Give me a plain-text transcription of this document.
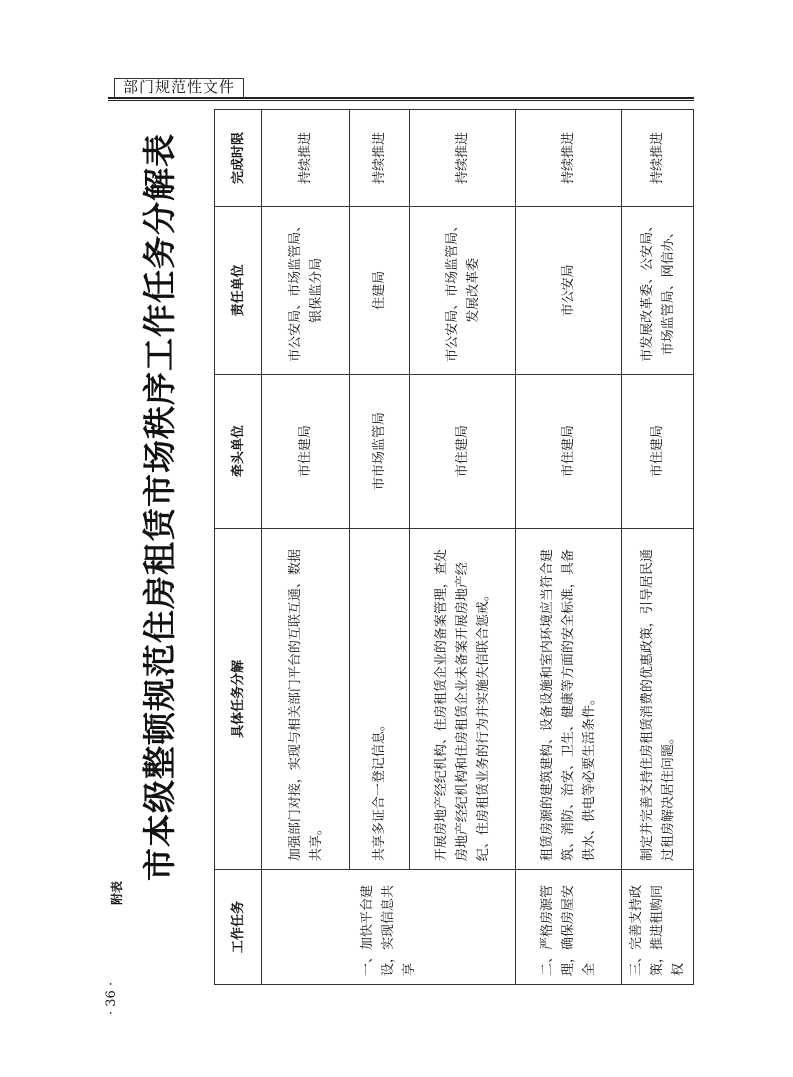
部门规范性文件
· 36 ·
附表
市本级整顿规范住房租赁市场秩序工作任务分解表
工作任务	具体任务分解	牵头单位	责任单位	完成时限
一、加快平台建设，实现信息共享	加强部门对接，实现与相关部门平台的互联互通、数据共享。	市住建局	市公安局、市场监管局、银保监分局	持续推进
	共享多证合一登记信息。	市市场监管局	住建局	持续推进
	开展房地产经纪机构、住房租赁企业的备案管理，查处房地产经纪机构和住房租赁企业未备案开展房地产经纪、住房租赁业务的行为并实施失信联合惩戒。	市住建局	市公安局、市场监管局、发展改革委	持续推进
二、严格房源管理，确保房屋安全	租赁房源的建筑建构、设备设施和室内环境应当符合建筑、消防、治安、卫生、健康等方面的安全标准，具备供水、供电等必要生活条件。	市住建局	市公安局	持续推进
三、完善支持政策，推进租购同权	制定并完善支持住房租赁消费的优惠政策，引导居民通过租房解决居住问题。	市住建局	市发展改革委、公安局、市场监管局、网信办、	持续推进
